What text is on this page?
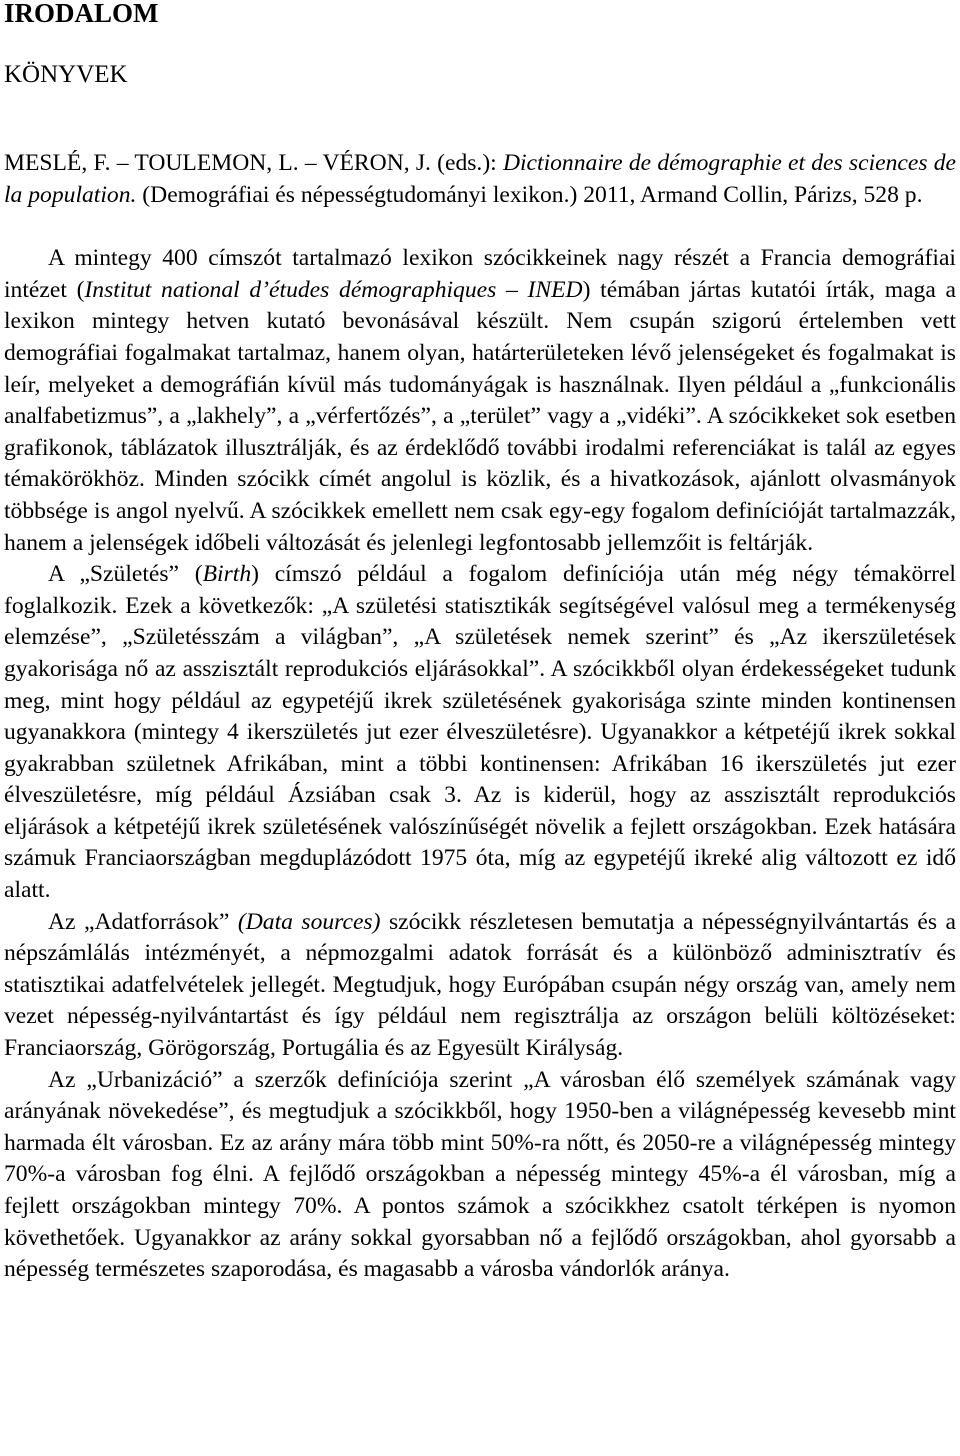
IRODALOM
KÖNYVEK

MESLÉ, F. – TOULEMON, L. – VÉRON, J. (eds.): Dictionnaire de démographie et des sciences de la population. (Demográfiai és népességtudományi lexikon.) 2011, Armand Collin, Párizs, 528 p.

A mintegy 400 címszót tartalmazó lexikon szócikkeinek nagy részét a Francia demográfiai intézet (Institut national d’études démographiques – INED) témában jártas kutatói írták, maga a lexikon mintegy hetven kutató bevonásával készült. Nem csupán szigorú értelemben vett demográfiai fogalmakat tartalmaz, hanem olyan, határterületeken lévő jelenségeket és fogalmakat is leír, melyeket a demográfián kívül más tudományágak is használnak. Ilyen például a „funkcionális analfabetizmus”, a „lakhely”, a „vérfertőzés”, a „terület” vagy a „vidéki”. A szócikkeket sok esetben grafikonok, táblázatok illusztrálják, és az érdeklődő további irodalmi referenciákat is talál az egyes témakörökhöz. Minden szócikk címét angolul is közlik, és a hivatkozások, ajánlott olvasmányok többsége is angol nyelvű. A szócikkek emellett nem csak egy-egy fogalom definícióját tartalmazzák, hanem a jelenségek időbeli változását és jelenlegi legfontosabb jellemzőit is feltárják.

A „Születés” (Birth) címszó például a fogalom definíciója után még négy témakörrel foglalkozik. Ezek a következők: „A születési statisztikák segítségével valósul meg a termékenység elemzése”, „Születésszám a világban”, „A születések nemek szerint” és „Az ikerszületések gyakorisága nő az asszisztált reprodukciós eljárásokkal”. A szócikkből olyan érdekességeket tudunk meg, mint hogy például az egypetéjű ikrek születésének gyakorisága szinte minden kontinensen ugyanakkora (mintegy 4 ikerszületés jut ezer élveszületésre). Ugyanakkor a kétpetéjű ikrek sokkal gyakrabban születnek Afrikában, mint a többi kontinensen: Afrikában 16 ikerszületés jut ezer élveszületésre, míg például Ázsiában csak 3. Az is kiderül, hogy az asszisztált reprodukciós eljárások a kétpetéjű ikrek születésének valószínűségét növelik a fejlett országokban. Ezek hatására számuk Franciaországban megduplázódott 1975 óta, míg az egypetéjű ikreké alig változott ez idő alatt.

Az „Adatforrások” (Data sources) szócikk részletesen bemutatja a népességnyilvántartás és a népszámlálás intézményét, a népmozgalmi adatok forrását és a különböző adminisztratív és statisztikai adatfelvételek jellegét. Megtudjuk, hogy Európában csupán négy ország van, amely nem vezet népesség-nyilvántartást és így például nem regisztrálja az országon belüli költözéseket: Franciaország, Görögország, Portugália és az Egyesült Királyság.

Az „Urbanizáció” a szerzők definíciója szerint „A városban élő személyek számának vagy arányának növekedése”, és megtudjuk a szócikkből, hogy 1950-ben a világnépesség kevesebb mint harmada élt városban. Ez az arány mára több mint 50%-ra nőtt, és 2050-re a világnépesség mintegy 70%-a városban fog élni. A fejlődő országokban a népesség mintegy 45%-a él városban, míg a fejlett országokban mintegy 70%. A pontos számok a szócikkhez csatolt térképen is nyomon követhetőek. Ugyanakkor az arány sokkal gyorsabban nő a fejlődő országokban, ahol gyorsabb a népesség természetes szaporodása, és magasabb a városba vándorlók aránya.
